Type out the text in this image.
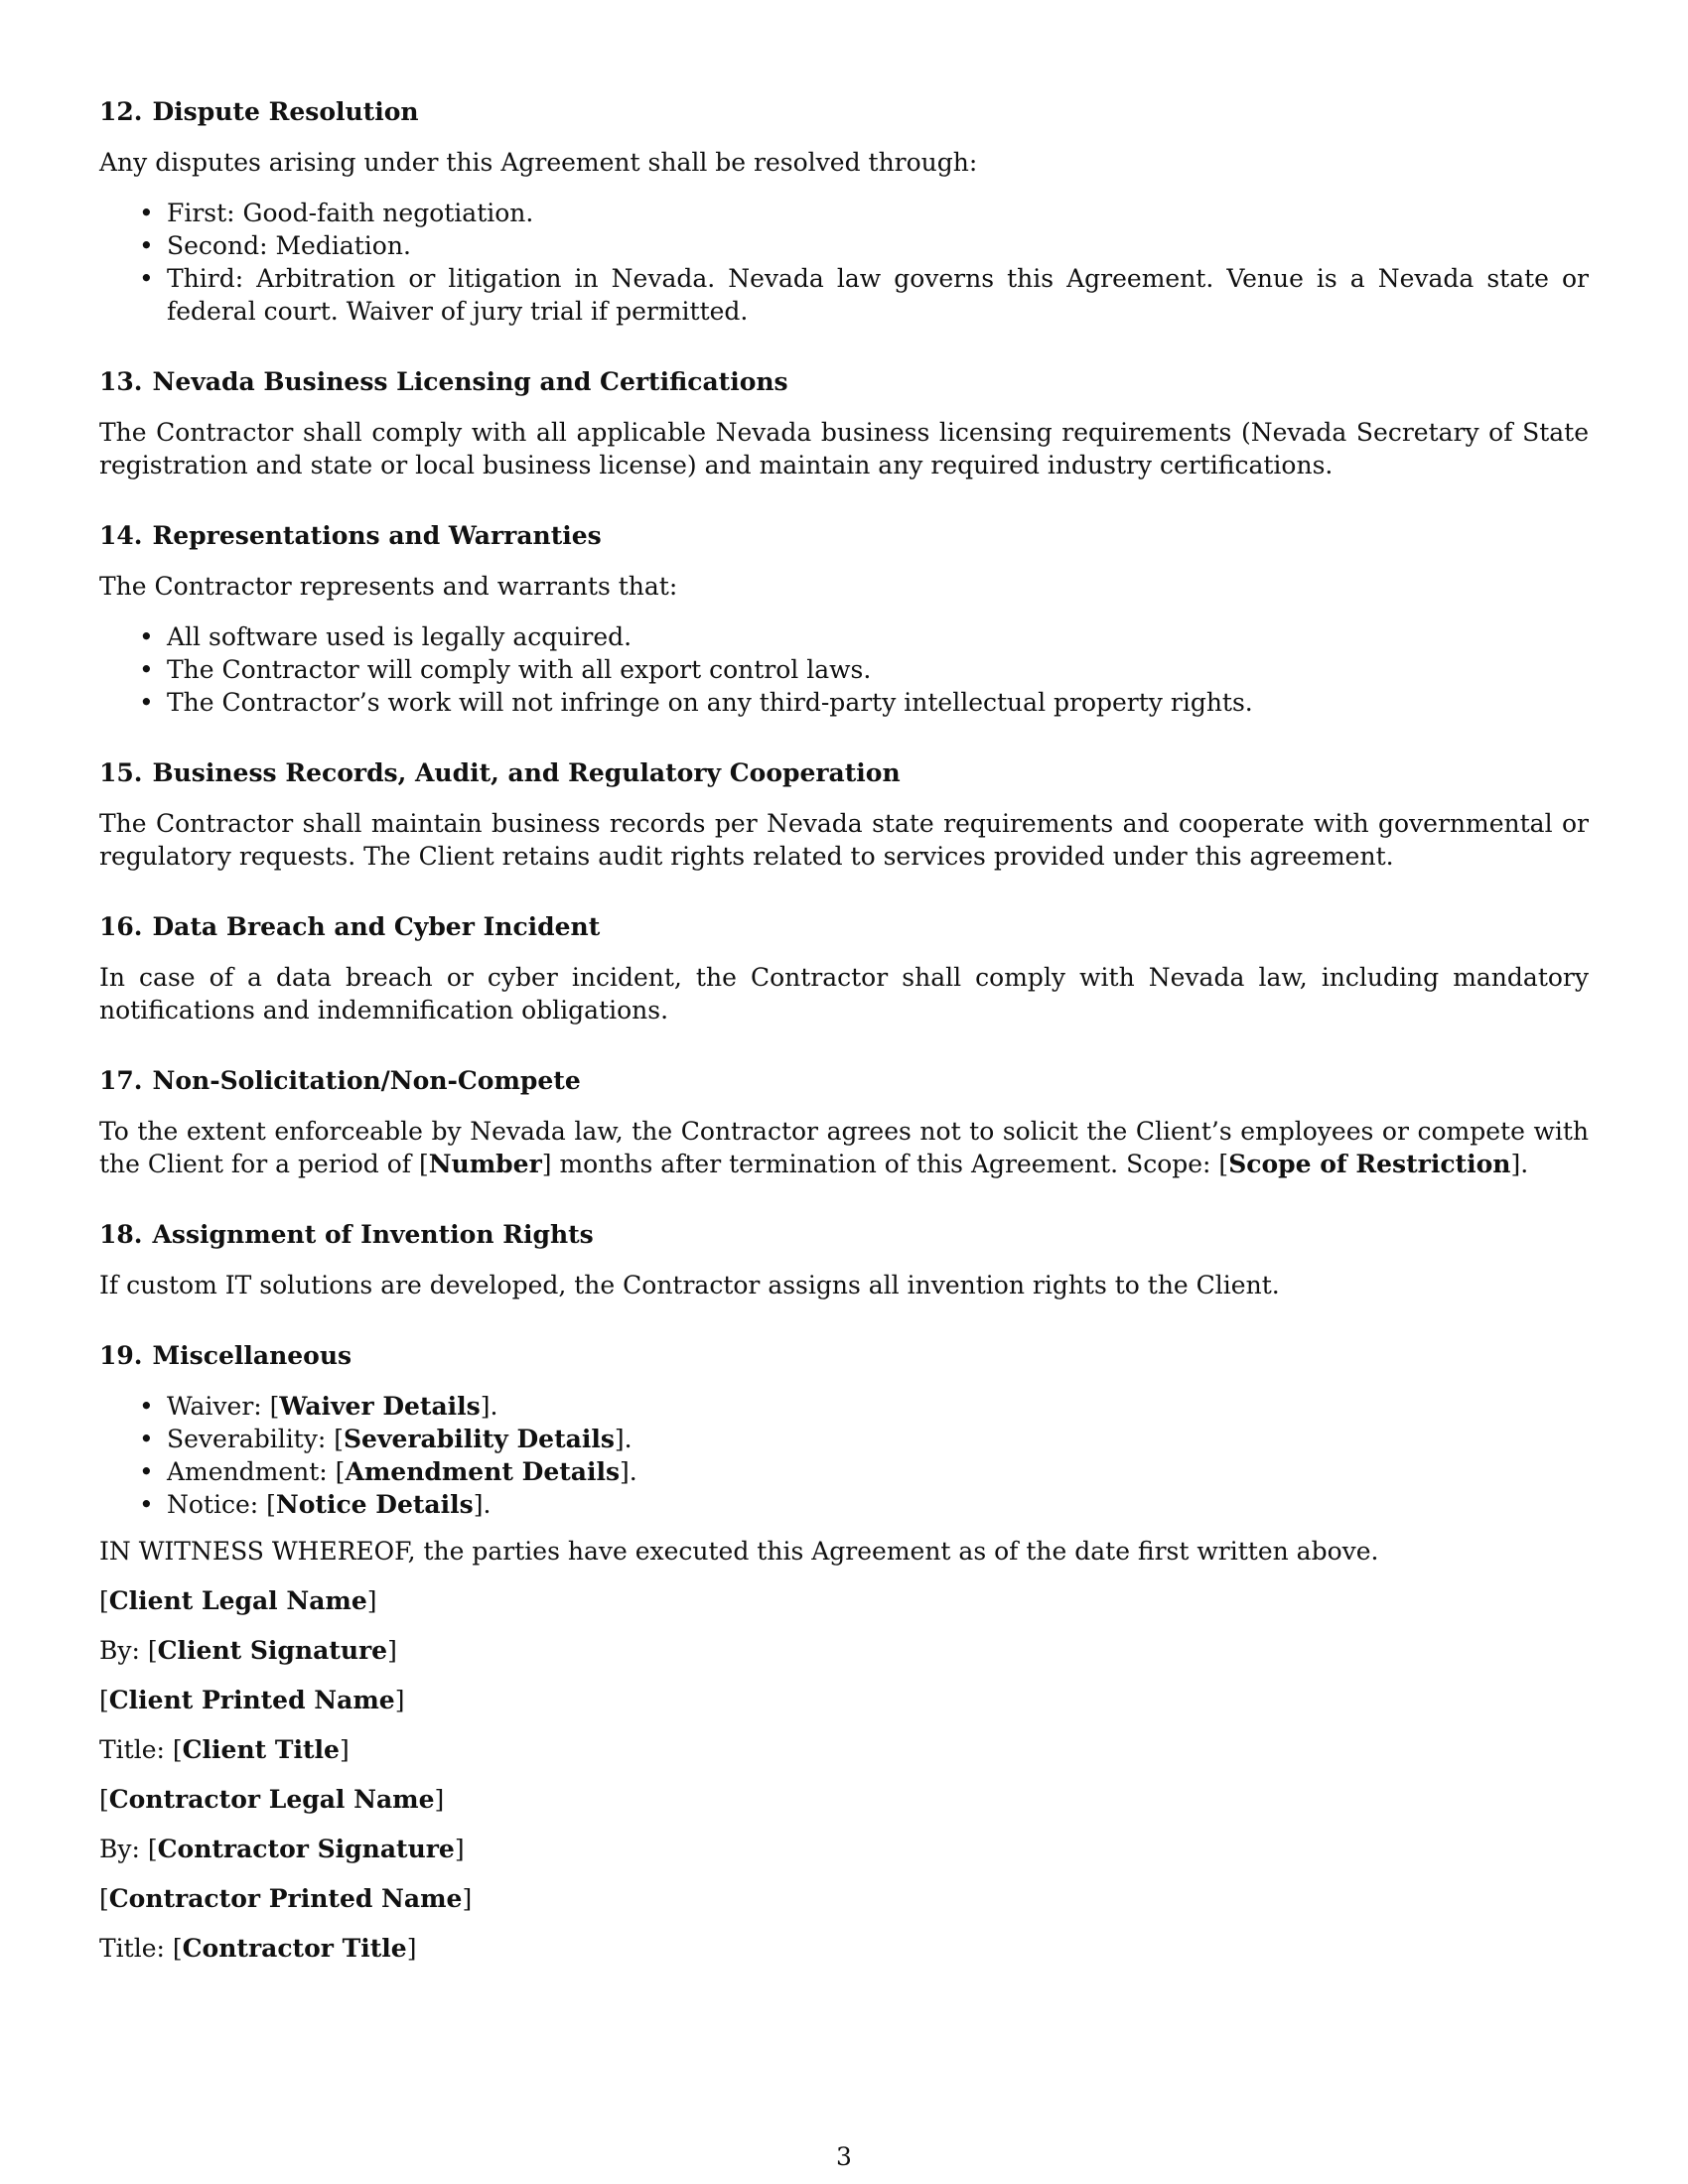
12. Dispute Resolution
Any disputes arising under this Agreement shall be resolved through:
• First: Good-faith negotiation.
• Second: Mediation.
• Third: Arbitration or litigation in Nevada. Nevada law governs this Agreement. Venue is a Nevada state or federal court. Waiver of jury trial if permitted.
13. Nevada Business Licensing and Certifications
The Contractor shall comply with all applicable Nevada business licensing requirements (Nevada Secretary of State registration and state or local business license) and maintain any required industry certifications.
14. Representations and Warranties
The Contractor represents and warrants that:
• All software used is legally acquired.
• The Contractor will comply with all export control laws.
• The Contractor’s work will not infringe on any third-party intellectual property rights.
15. Business Records, Audit, and Regulatory Cooperation
The Contractor shall maintain business records per Nevada state requirements and cooperate with governmental or regulatory requests. The Client retains audit rights related to services provided under this agreement.
16. Data Breach and Cyber Incident
In case of a data breach or cyber incident, the Contractor shall comply with Nevada law, including mandatory notifications and indemnification obligations.
17. Non-Solicitation/Non-Compete
To the extent enforceable by Nevada law, the Contractor agrees not to solicit the Client’s employees or compete with the Client for a period of [Number] months after termination of this Agreement. Scope: [Scope of Restriction].
18. Assignment of Invention Rights
If custom IT solutions are developed, the Contractor assigns all invention rights to the Client.
19. Miscellaneous
• Waiver: [Waiver Details].
• Severability: [Severability Details].
• Amendment: [Amendment Details].
• Notice: [Notice Details].
IN WITNESS WHEREOF, the parties have executed this Agreement as of the date first written above.
[Client Legal Name]
By: [Client Signature]
[Client Printed Name]
Title: [Client Title]
[Contractor Legal Name]
By: [Contractor Signature]
[Contractor Printed Name]
Title: [Contractor Title]
3
